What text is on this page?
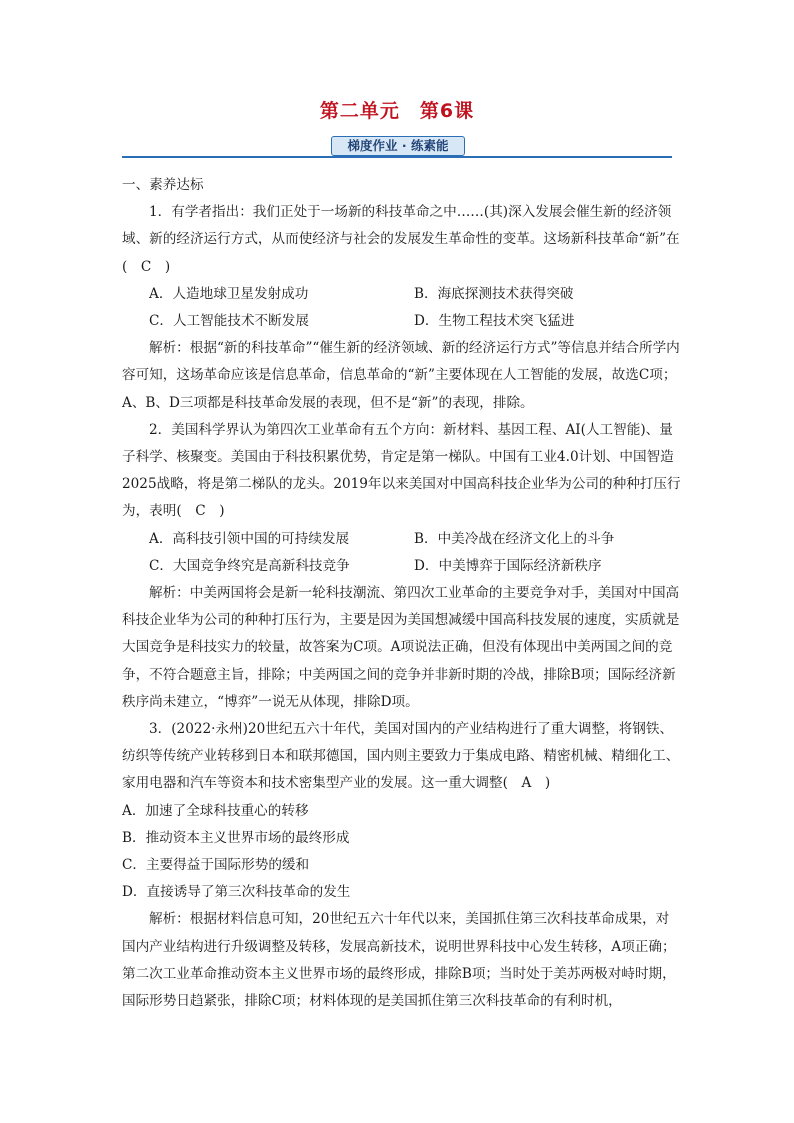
第二单元　第6课
梯度作业 · 练素能

一、素养达标

1．有学者指出：我们正处于一场新的科技革命之中……(其)深入发展会催生新的经济领域、新的经济运行方式，从而使经济与社会的发展发生革命性的变革。这场新科技革命“新”在(　C　)

A．人造地球卫星发射成功	B．海底探测技术获得突破
C．人工智能技术不断发展	D．生物工程技术突飞猛进

解析：根据“新的科技革命”“催生新的经济领域、新的经济运行方式”等信息并结合所学内容可知，这场革命应该是信息革命，信息革命的“新”主要体现在人工智能的发展，故选C项；A、B、D三项都是科技革命发展的表现，但不是“新”的表现，排除。

2．美国科学界认为第四次工业革命有五个方向：新材料、基因工程、AI(人工智能)、量子科学、核聚变。美国由于科技积累优势，肯定是第一梯队。中国有工业4.0计划、中国智造2025战略，将是第二梯队的龙头。2019年以来美国对中国高科技企业华为公司的种种打压行为，表明(　C　)

A．高科技引领中国的可持续发展	B．中美冷战在经济文化上的斗争
C．大国竞争终究是高新科技竞争	D．中美博弈于国际经济新秩序

解析：中美两国将会是新一轮科技潮流、第四次工业革命的主要竞争对手，美国对中国高科技企业华为公司的种种打压行为，主要是因为美国想减缓中国高科技发展的速度，实质就是大国竞争是科技实力的较量，故答案为C项。A项说法正确，但没有体现出中美两国之间的竞争，不符合题意主旨，排除；中美两国之间的竞争并非新时期的冷战，排除B项；国际经济新秩序尚未建立，“博弈”一说无从体现，排除D项。

3．(2022·永州)20世纪五六十年代，美国对国内的产业结构进行了重大调整，将钢铁、纺织等传统产业转移到日本和联邦德国，国内则主要致力于集成电路、精密机械、精细化工、家用电器和汽车等资本和技术密集型产业的发展。这一重大调整(　A　)

A．加速了全球科技重心的转移

B．推动资本主义世界市场的最终形成

C．主要得益于国际形势的缓和

D．直接诱导了第三次科技革命的发生

解析：根据材料信息可知，20世纪五六十年代以来，美国抓住第三次科技革命成果，对国内产业结构进行升级调整及转移，发展高新技术，说明世界科技中心发生转移，A项正确；第二次工业革命推动资本主义世界市场的最终形成，排除B项；当时处于美苏两极对峙时期，国际形势日趋紧张，排除C项；材料体现的是美国抓住第三次科技革命的有利时机，
